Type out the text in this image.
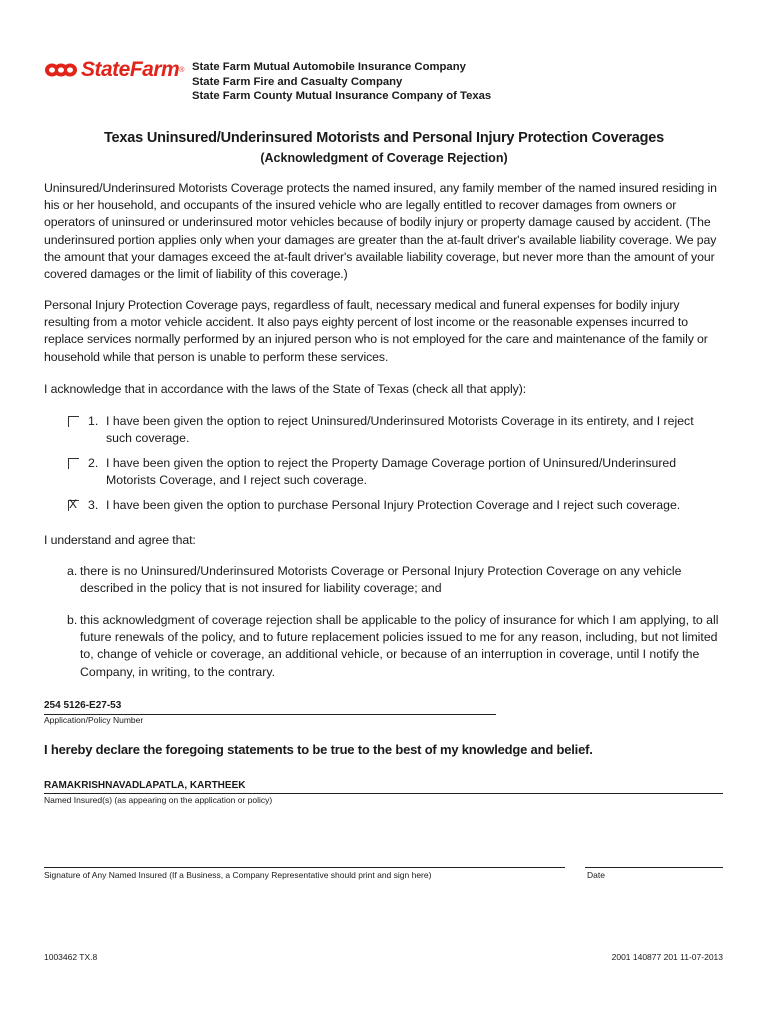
StateFarm ® State Farm Mutual Automobile Insurance Company
State Farm Fire and Casualty Company
State Farm County Mutual Insurance Company of Texas
Texas Uninsured/Underinsured Motorists and Personal Injury Protection Coverages
(Acknowledgment of Coverage Rejection)
Uninsured/Underinsured Motorists Coverage protects the named insured, any family member of the named insured residing in his or her household, and occupants of the insured vehicle who are legally entitled to recover damages from owners or operators of uninsured or underinsured motor vehicles because of bodily injury or property damage caused by accident. (The underinsured portion applies only when your damages are greater than the at-fault driver's available liability coverage. We pay the amount that your damages exceed the at-fault driver's available liability coverage, but never more than the amount of your covered damages or the limit of liability of this coverage.)
Personal Injury Protection Coverage pays, regardless of fault, necessary medical and funeral expenses for bodily injury resulting from a motor vehicle accident. It also pays eighty percent of lost income or the reasonable expenses incurred to replace services normally performed by an injured person who is not employed for the care and maintenance of the family or household while that person is unable to perform these services.
I acknowledge that in accordance with the laws of the State of Texas (check all that apply):
1. I have been given the option to reject Uninsured/Underinsured Motorists Coverage in its entirety, and I reject such coverage.
2. I have been given the option to reject the Property Damage Coverage portion of Uninsured/Underinsured Motorists Coverage, and I reject such coverage.
X 3. I have been given the option to purchase Personal Injury Protection Coverage and I reject such coverage.
I understand and agree that:
a. there is no Uninsured/Underinsured Motorists Coverage or Personal Injury Protection Coverage on any vehicle described in the policy that is not insured for liability coverage; and
b. this acknowledgment of coverage rejection shall be applicable to the policy of insurance for which I am applying, to all future renewals of the policy, and to future replacement policies issued to me for any reason, including, but not limited to, change of vehicle or coverage, an additional vehicle, or because of an interruption in coverage, until I notify the Company, in writing, to the contrary.
254 5126-E27-53
Application/Policy Number
I hereby declare the foregoing statements to be true to the best of my knowledge and belief.
RAMAKRISHNAVADLAPATLA, KARTHEEK
Named Insured(s) (as appearing on the application or policy)
Signature of Any Named Insured (If a Business, a Company Representative should print and sign here)	Date
1003462 TX.8	2001 140877 201 11-07-2013
